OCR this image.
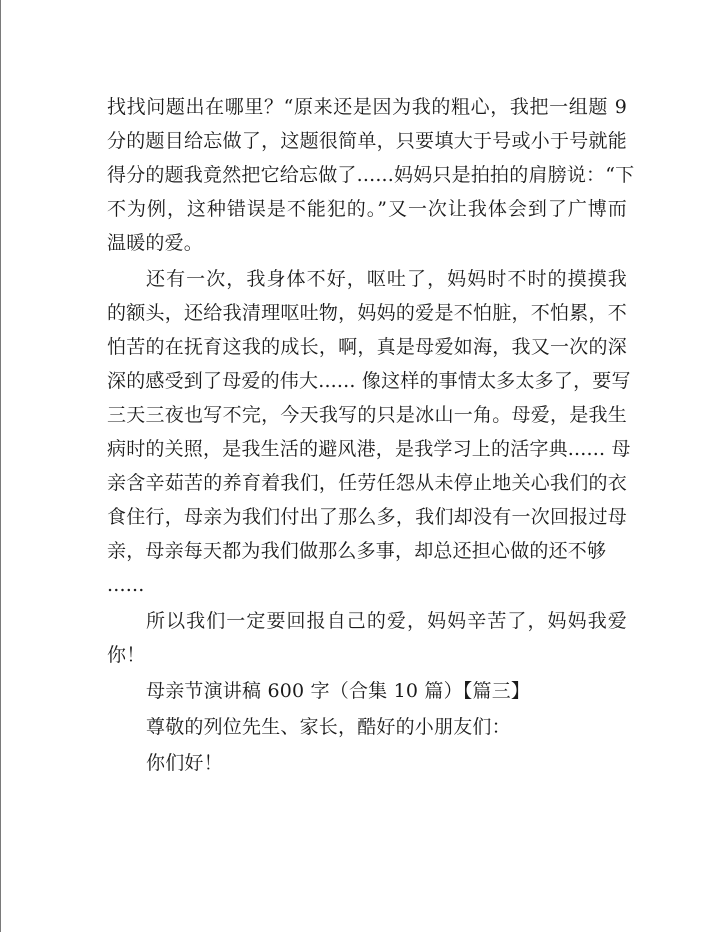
找找问题出在哪里？“原来还是因为我的粗心，我把一组题 9
分的题目给忘做了，这题很简单，只要填大于号或小于号就能
得分的题我竟然把它给忘做了......妈妈只是拍拍的肩膀说：“下
不为例，这种错误是不能犯的。”又一次让我体会到了广博而
温暖的爱。
还有一次，我身体不好，呕吐了，妈妈时不时的摸摸我
的额头，还给我清理呕吐物，妈妈的爱是不怕脏，不怕累，不
怕苦的在抚育这我的成长，啊，真是母爱如海，我又一次的深
深的感受到了母爱的伟大...... 像这样的事情太多太多了，要写
三天三夜也写不完，今天我写的只是冰山一角。母爱，是我生
病时的关照，是我生活的避风港，是我学习上的活字典...... 母
亲含辛茹苦的养育着我们，任劳任怨从未停止地关心我们的衣
食住行，母亲为我们付出了那么多，我们却没有一次回报过母
亲，母亲每天都为我们做那么多事，却总还担心做的还不够
......
所以我们一定要回报自己的爱，妈妈辛苦了，妈妈我爱
你！
母亲节演讲稿 600 字（合集 10 篇）【篇三】
尊敬的列位先生、家长，酷好的小朋友们：
你们好！
